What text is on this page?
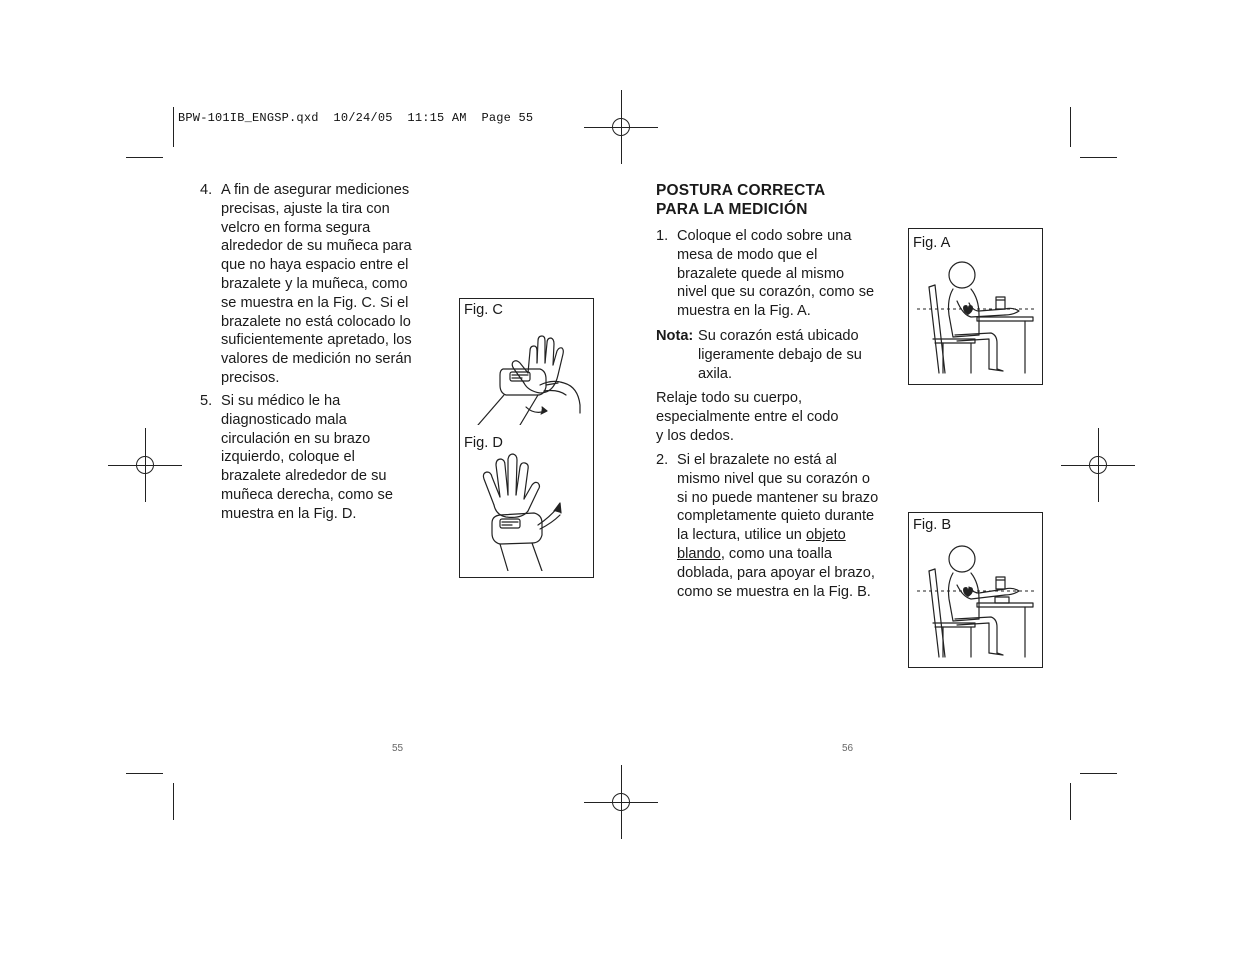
BPW-101IB_ENGSP.qxd  10/24/05  11:15 AM  Page 55
4. A fin de asegurar mediciones
precisas, ajuste la tira con
velcro en forma segura
alrededor de su muñeca para
que no haya espacio entre el
brazalete y la muñeca, como
se muestra en la Fig. C. Si el
brazalete no está colocado lo
suficientemente apretado, los
valores de medición no serán
precisos.
5. Si su médico le ha
diagnosticado mala
circulación en su brazo
izquierdo, coloque el
brazalete alrededor de su
muñeca derecha, como se
muestra en la Fig. D.
Fig. C
Fig. D
55
POSTURA CORRECTA
PARA LA MEDICIÓN
1. Coloque el codo sobre una
mesa de modo que el
brazalete quede al mismo
nivel que su corazón, como se
muestra en la Fig. A.
Nota: Su corazón está ubicado
ligeramente debajo de su
axila.
Relaje todo su cuerpo,
especialmente entre el codo
y los dedos.
2. Si el brazalete no está al
mismo nivel que su corazón o
si no puede mantener su brazo
completamente quieto durante
la lectura, utilice un objeto
blando, como una toalla
doblada, para apoyar el brazo,
como se muestra en la Fig. B.
Fig. A
Fig. B
56
